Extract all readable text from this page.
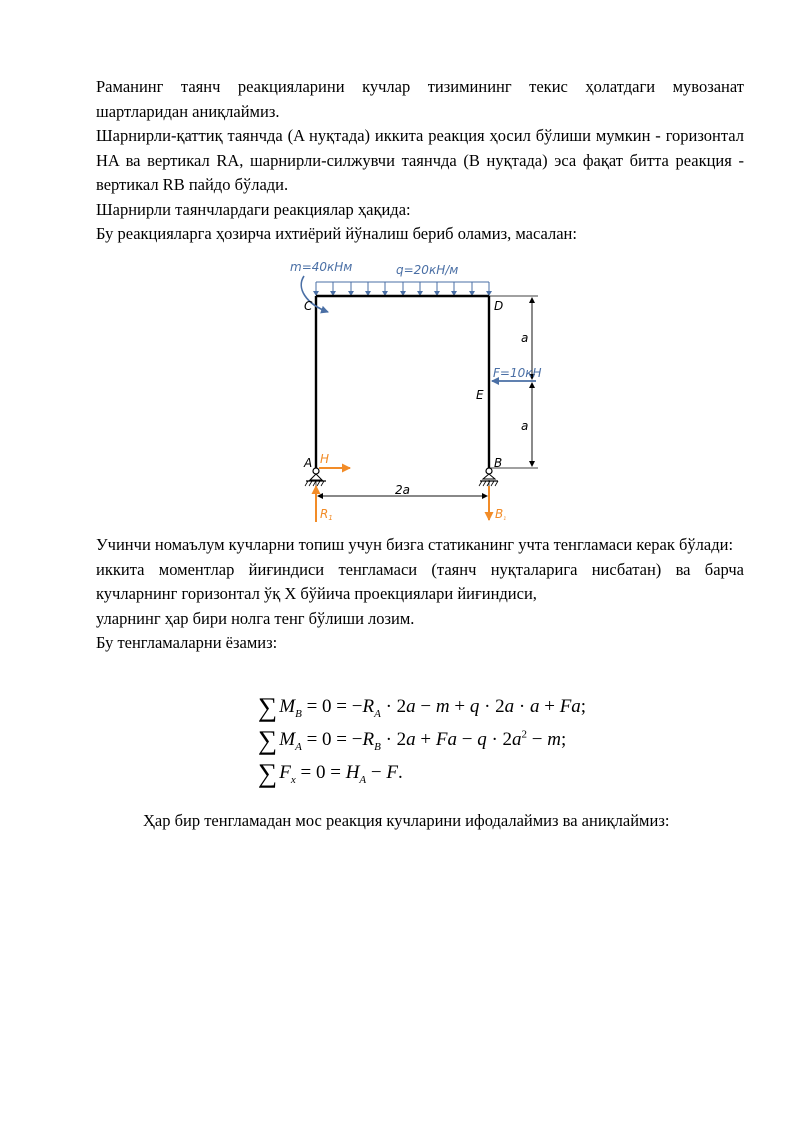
Раманинг таянч реакцияларини кучлар тизимининг текис ҳолатдаги мувозанат шартларидан аниқлаймиз.

Шарнирли-қаттиқ таянчда (A нуқтада) иккита реакция ҳосил бўлиши мумкин - горизонтал HA ва вертикал RA, шарнирли-силжувчи таянчда (B нуқтада) эса фақат битта реакция - вертикал RB пайдо бўлади.

Шарнирли таянчлардаги реакциялар ҳақида:

Бу реакцияларга ҳозирча ихтиёрий йўналиш бериб оламиз, масалан:

m=40кНм	q=20кН/м
C	D
E
F=10кН
A H	B
a
a
2a
R1	B₁

Учинчи номаълум кучларни топиш учун бизга статиканинг учта тенгламаси керак бўлади:

иккита моментлар йиғиндиси тенгламаси (таянч нуқталарига нисбатан) ва барча кучларнинг горизонтал ўқ X бўйича проекциялари йиғиндиси,

уларнинг ҳар бири нолга тенг бўлиши лозим.

Бу тенгламаларни ёзамиз:

∑ $M_B = 0 = -R_A \cdot 2a - m + q \cdot 2a \cdot a + Fa$;
∑ $M_A = 0 = -R_B \cdot 2a + Fa - q \cdot 2a^2 - m$;
∑ $F_x = 0 = H_A - F$.

Ҳар бир тенгламадан мос реакция кучларини ифодалаймиз ва аниқлаймиз:
